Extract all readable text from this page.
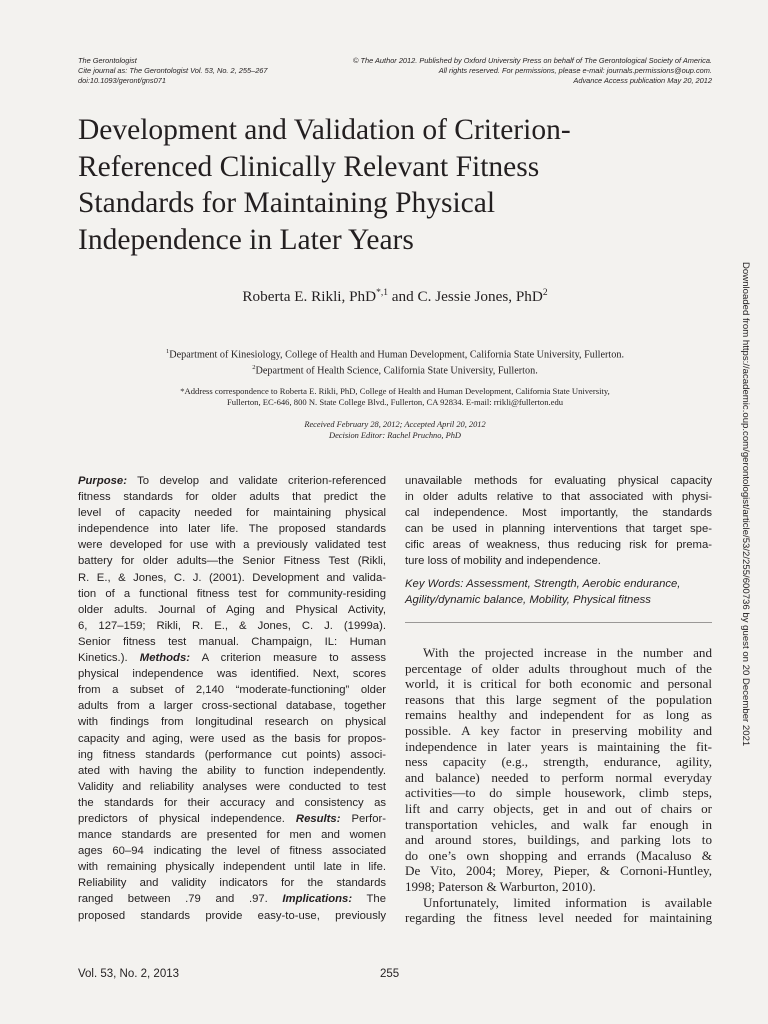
The Gerontologist
Cite journal as: The Gerontologist Vol. 53, No. 2, 255–267
doi:10.1093/geront/gns071
© The Author 2012. Published by Oxford University Press on behalf of The Gerontological Society of America.
All rights reserved. For permissions, please e-mail: journals.permissions@oup.com.
Advance Access publication May 20, 2012
Development and Validation of Criterion-
Referenced Clinically Relevant Fitness
Standards for Maintaining Physical
Independence in Later Years
Roberta E. Rikli, PhD$^{*,1}$ and C. Jessie Jones, PhD$^2$
$^1$Department of Kinesiology, College of Health and Human Development, California State University, Fullerton.
$^2$Department of Health Science, California State University, Fullerton.
*Address correspondence to Roberta E. Rikli, PhD, College of Health and Human Development, California State University,
Fullerton, EC-646, 800 N. State College Blvd., Fullerton, CA 92834. E-mail: rrikli@fullerton.edu
Received February 28, 2012; Accepted April 20, 2012
Decision Editor: Rachel Pruchno, PhD
Purpose: To develop and validate criterion-referenced
fitness standards for older adults that predict the
level of capacity needed for maintaining physical
independence into later life. The proposed standards
were developed for use with a previously validated test
battery for older adults—the Senior Fitness Test (Rikli,
R. E., & Jones, C. J. (2001). Development and valida-
tion of a functional fitness test for community-residing
older adults. Journal of Aging and Physical Activity,
6, 127–159; Rikli, R. E., & Jones, C. J. (1999a).
Senior fitness test manual. Champaign, IL: Human
Kinetics.). Methods: A criterion measure to assess
physical independence was identified. Next, scores
from a subset of 2,140 “moderate-functioning” older
adults from a larger cross-sectional database, together
with findings from longitudinal research on physical
capacity and aging, were used as the basis for propos-
ing fitness standards (performance cut points) associ-
ated with having the ability to function independently.
Validity and reliability analyses were conducted to test
the standards for their accuracy and consistency as
predictors of physical independence. Results: Perfor-
mance standards are presented for men and women
ages 60–94 indicating the level of fitness associated
with remaining physically independent until late in life.
Reliability and validity indicators for the standards
ranged between .79 and .97. Implications: The
proposed standards provide easy-to-use, previously
unavailable methods for evaluating physical capacity
in older adults relative to that associated with physi-
cal independence. Most importantly, the standards
can be used in planning interventions that target spe-
cific areas of weakness, thus reducing risk for prema-
ture loss of mobility and independence.
Key Words: Assessment, Strength, Aerobic endurance,
Agility/dynamic balance, Mobility, Physical fitness
With the projected increase in the number and
percentage of older adults throughout much of the
world, it is critical for both economic and personal
reasons that this large segment of the population
remains healthy and independent for as long as
possible. A key factor in preserving mobility and
independence in later years is maintaining the fit-
ness capacity (e.g., strength, endurance, agility,
and balance) needed to perform normal everyday
activities—to do simple housework, climb steps,
lift and carry objects, get in and out of chairs or
transportation vehicles, and walk far enough in
and around stores, buildings, and parking lots to
do one’s own shopping and errands (Macaluso &
De Vito, 2004; Morey, Pieper, & Cornoni-Huntley,
1998; Paterson & Warburton, 2010).
Unfortunately, limited information is available
regarding the fitness level needed for maintaining
Vol. 53, No. 2, 2013	255
Downloaded from https://academic.oup.com/gerontologist/article/53/2/255/600736 by guest on 20 December 2021
